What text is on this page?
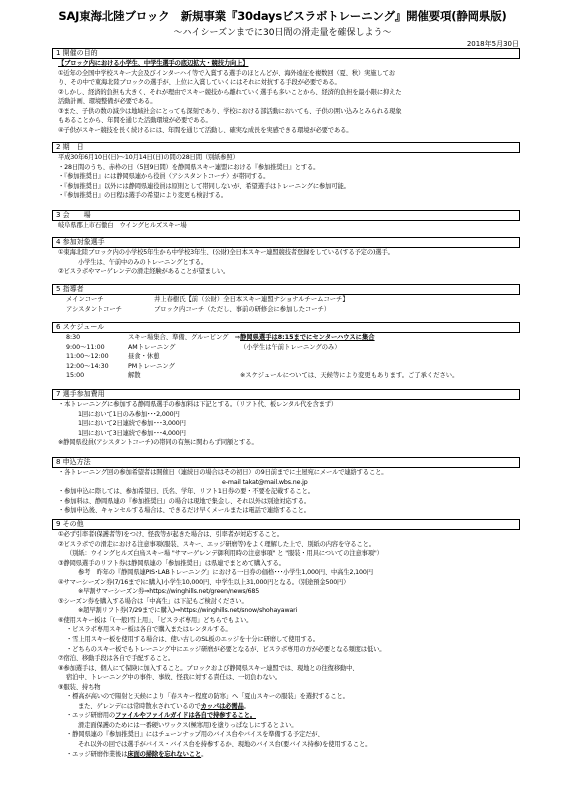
SAJ東海北陸ブロック　新規事業『30daysビスラボトレーニング』開催要項(静岡県版)
～ハイシーズンまでに30日間の滑走量を確保しよう～
2018年5月30日
1 開催の目的
【ブロック内における小学生、中学生選手の底辺拡大・競技力向上】
①近年の全国中学校スキー大会及びインターハイ等で入賞する選手のほとんどが、海外遠征を複数回（夏、秋）実施してお
り、その中で東海北陸ブロックの選手が、上位に入賞していくにはそれに対抗する手段が必要である。
②しかし、経済的負担も大きく、それが理由でスキー競技から離れていく選手も多いことから、経済的負担を最小限に抑えた
活動計画、環境整備が必要である。
③また、子供の数の減少は地域社会にとっても深刻であり、学校における部活動においても、子供の囲い込みとみられる現象
もあることから、年間を通じた活動環境が必要である。
④子供がスキー競技を長く続けるには、年間を通じて活動し、確実な成長を実感できる環境が必要である。
2 期　日
平成30年6月10日(日)～10月14日(日)の間の28日間（別紙参照）
・28日間のうち、赤枠の日（5回9日間）を静岡県スキー連盟における『参加推奨日』とする。
・『参加推奨日』には静岡県連から役員（アシスタントコーチ）が帯同する。
・『参加推奨日』以外には静岡県連役員は原則として帯同しないが、希望選手はトレーニングに参加可能。
・『参加推奨日』の日程は選手の希望により変更も検討する。
3 会　　場
岐阜県郡上市石徹白　ウイングヒルズスキー場
4 参加対象選手
①東海北陸ブロック内の小学校5年生から中学校3年生、(公財)全日本スキー連盟競技者登録をしている(する予定の)選手。
小学生は、午前中のみのトレーニングとする。
②ビスラボやマーゲレンデの滑走経験があることが望ましい。
5 指導者
メインコーチ	井上春樹氏【前（公財）全日本スキー連盟ナショナルチームコーチ】
アシスタントコーチ	ブロック内コーチ（ただし、事前の研修会に参加したコーチ）
6 スケジュール
8:30	スキー場集合、準備、グルーピング　⇒	静岡県選手は8:15までにセンターハウスに集合
9:00～11:00	AMトレーニング	（小学生は午前トレーニングのみ）
11:00～12:00	昼食・休憩	
12:00～14:30	PMトレーニング	
15:00	解散	※スケジュールについては、天候等により変更もあります。ご了承ください。
7 選手参加費用
・本トレーニングに参加する静岡県選手の参加料は下記とする。（リフト代、板レンタル代を含まず）
1回において1日のみ参加･･･2,000円
1回において2日連続で参加･･･3,000円
1回において3日連続で参加･･･4,000円
※静岡県役員(アシスタントコーチ)の帯同の有無に関わらず同額とする。
8 申込方法
・各トレーニング回の参加希望者は開催日（連続日の場合はその初日）の9日前までに土屋宛にメールで連絡すること。
e-mail takat@mail.wbs.ne.jp
・参加申込に際しては、参加希望日、氏名、学年、リフト1日券の要・不要を記載すること。
・参加料は、静岡県連の『参加推奨日』の場合は現地で集金し、それ以外は別途対応する。
・参加申込後、キャンセルする場合は、できるだけ早くメールまたは電話で連絡すること。
9 その他
①必ず引率者(保護者等)をつけ、怪我等が起きた場合は、引率者が対応すること。
②ビスラボでの滑走における注意事項(服装、スキー、エッジ研磨等)をよく理解した上で、別紙の内容を守ること。
（別紙：ウイングヒルズ白鳥スキー場 "サマーゲレンデ御利用時の注意事項" と "服装・用具についての注意事項"）
③静岡県選手のリフト券は静岡県連の「参加推奨日」は県連でまとめて購入する。
参考　昨年の『静岡県連PIS･LABトレーニング』における一日券の価格･･･小学生1,000円、中高生2,100円
④サマーシーズン券(7/16まで)に購入)小学生10,000円、中学生以上31,000円となる。（別途預金500円）
※早割サマーシーズン券⇒https://winghills.net/green/news/685
⑤シーズン券を購入する場合は「中高生」は下記もご検討ください。
※超早割リフト券(7/29までに購入)⇒https://winghills.net/snow/shohayawari
⑥使用スキー板は「(一般)雪上用」、「ビスラボ専用」どちらでもよい。
・ビスラボ専用スキー板は各自で購入またはレンタルする。
・雪上用スキー板を使用する場合は、使い古しのSL板のエッジを十分に研磨して使用する。
・どちらのスキー板でもトレーニング中にエッジ研磨が必要となるが、ビスラボ専用の方が必要となる頻度は低い。
⑦宿泊、移動手段は各自で手配すること。
⑧参加選手は、個人にて保険に加入すること。ブロックおよび静岡県スキー連盟では、現地との往復移動中、
宿泊中、トレーニング中の事件、事故、怪我に対する責任は、一切負わない。
⑨服装、持ち物
・標高が高いので陽射と天候により「春スキー程度の防寒」へ「夏山スキーの服装」を選択すること。
また、ゲレンデには常時散水されているのでカッパは必需品。
・エッジ研磨用のファイルやファイルガイドは各自で持参すること。
滑走面保護のためには一番硬いワックス(極寒用)を塗りっぱなしにするとよい。
・静岡県連の『参加推奨日』にはチューンナップ用のバイス台やバイスを準備する予定だが、
それ以外の回では選手がバイス・バイス台を持参するか、現地のバイス台(要バイス持参)を使用すること。
・エッジ研磨作業後は床面の掃除を忘れないこと。
